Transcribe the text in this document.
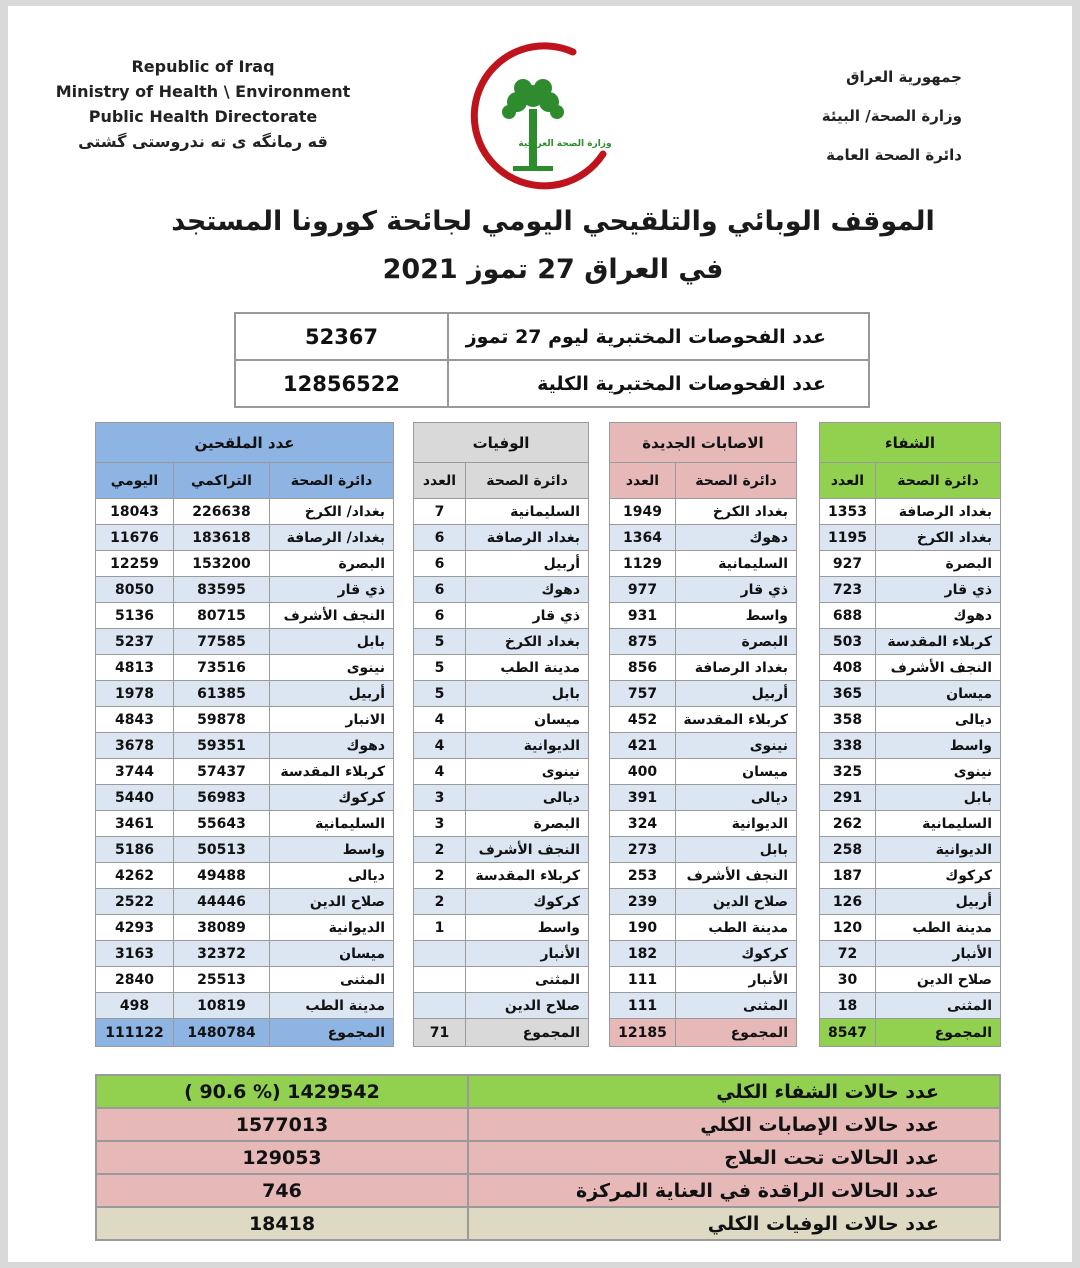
Republic of Iraq
Ministry of Health \ Environment
Public Health Directorate
قه رمانگه ی ته ندروستی گشتی	وزارة الصحة العراقية
جمهورية العراق
وزارة الصحة/ البيئة
دائرة الصحة العامة
الموقف الوبائي والتلقيحي اليومي لجائحة كورونا المستجد
في العراق 27 تموز 2021
52367	عدد الفحوصات المختبرية ليوم 27 تموز
12856522	عدد الفحوصات المختبرية الكلية
الشفاء	
العدد	دائرة الصحة
1353	بغداد الرصافة
1195	بغداد الكرخ
927	البصرة
723	ذي قار
688	دهوك
503	كربلاء المقدسة
408	النجف الأشرف
365	ميسان
358	ديالى
338	واسط
325	نينوى
291	بابل
262	السليمانية
258	الديوانية
187	كركوك
126	أربيل
120	مدينة الطب
72	الأنبار
30	صلاح الدين
18	المثنى
8547	المجموع
الاصابات الجديدة	
العدد	دائرة الصحة
1949	بغداد الكرخ
1364	دهوك
1129	السليمانية
977	ذي قار
931	واسط
875	البصرة
856	بغداد الرصافة
757	أربيل
452	كربلاء المقدسة
421	نينوى
400	ميسان
391	ديالى
324	الديوانية
273	بابل
253	النجف الأشرف
239	صلاح الدين
190	مدينة الطب
182	كركوك
111	الأنبار
111	المثنى
12185	المجموع
الوفيات	
العدد	دائرة الصحة
7	السليمانية
6	بغداد الرصافة
6	أربيل
6	دهوك
6	ذي قار
5	بغداد الكرخ
5	مدينة الطب
5	بابل
4	ميسان
4	الديوانية
4	نينوى
3	ديالى
3	البصرة
2	النجف الأشرف
2	كربلاء المقدسة
2	كركوك
1	واسط
	الأنبار
	المثنى
	صلاح الدين
71	المجموع
عدد الملقحين		
اليومي	التراكمي	دائرة الصحة
18043	226638	بغداد/ الكرخ
11676	183618	بغداد/ الرصافة
12259	153200	البصرة
8050	83595	ذي قار
5136	80715	النجف الأشرف
5237	77585	بابل
4813	73516	نينوى
1978	61385	أربيل
4843	59878	الانبار
3678	59351	دهوك
3744	57437	كربلاء المقدسة
5440	56983	كركوك
3461	55643	السليمانية
5186	50513	واسط
4262	49488	ديالى
2522	44446	صلاح الدين
4293	38089	الديوانية
3163	32372	ميسان
2840	25513	المثنى
498	10819	مدينة الطب
111122	1480784	المجموع
( 90.6 %) 1429542	عدد حالات الشفاء الكلي
1577013	عدد حالات الإصابات الكلي
129053	عدد الحالات تحت العلاج
746	عدد الحالات الراقدة في العناية المركزة
18418	عدد حالات الوفيات الكلي
